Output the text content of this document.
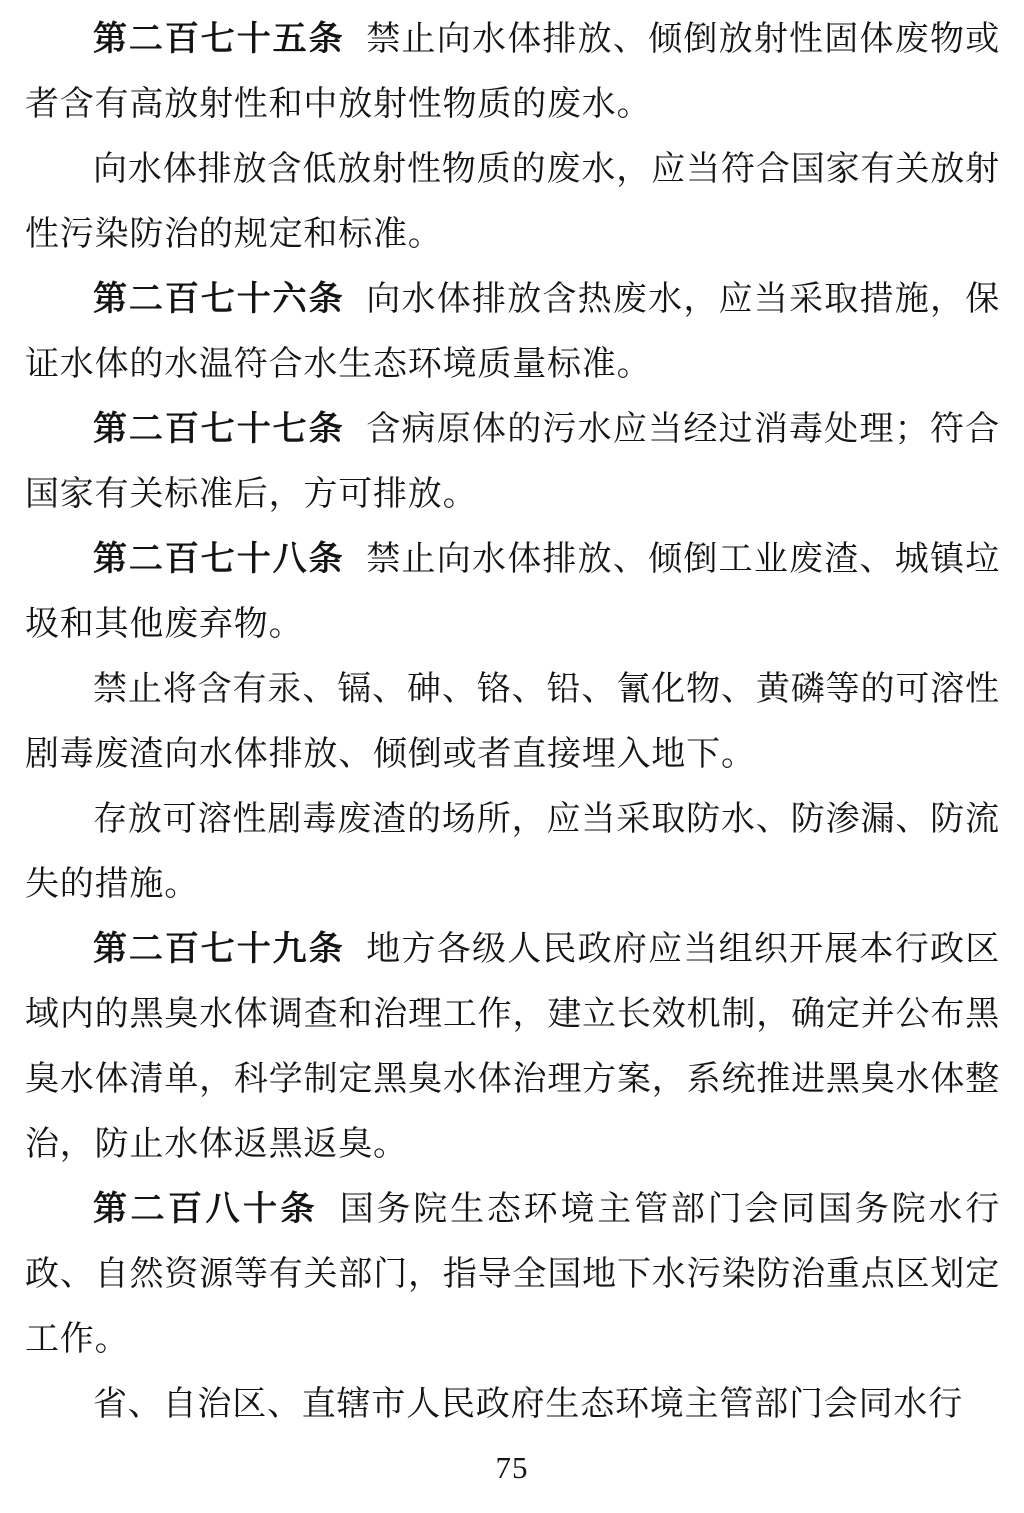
第二百七十五条 禁止向水体排放、倾倒放射性固体废物或者含有高放射性和中放射性物质的废水。

向水体排放含低放射性物质的废水，应当符合国家有关放射性污染防治的规定和标准。

第二百七十六条 向水体排放含热废水，应当采取措施，保证水体的水温符合水生态环境质量标准。

第二百七十七条 含病原体的污水应当经过消毒处理；符合国家有关标准后，方可排放。

第二百七十八条 禁止向水体排放、倾倒工业废渣、城镇垃圾和其他废弃物。

禁止将含有汞、镉、砷、铬、铅、氰化物、黄磷等的可溶性剧毒废渣向水体排放、倾倒或者直接埋入地下。

存放可溶性剧毒废渣的场所，应当采取防水、防渗漏、防流失的措施。

第二百七十九条 地方各级人民政府应当组织开展本行政区域内的黑臭水体调查和治理工作，建立长效机制，确定并公布黑臭水体清单，科学制定黑臭水体治理方案，系统推进黑臭水体整治，防止水体返黑返臭。

第二百八十条 国务院生态环境主管部门会同国务院水行政、自然资源等有关部门，指导全国地下水污染防治重点区划定工作。

省、自治区、直辖市人民政府生态环境主管部门会同水行

75
